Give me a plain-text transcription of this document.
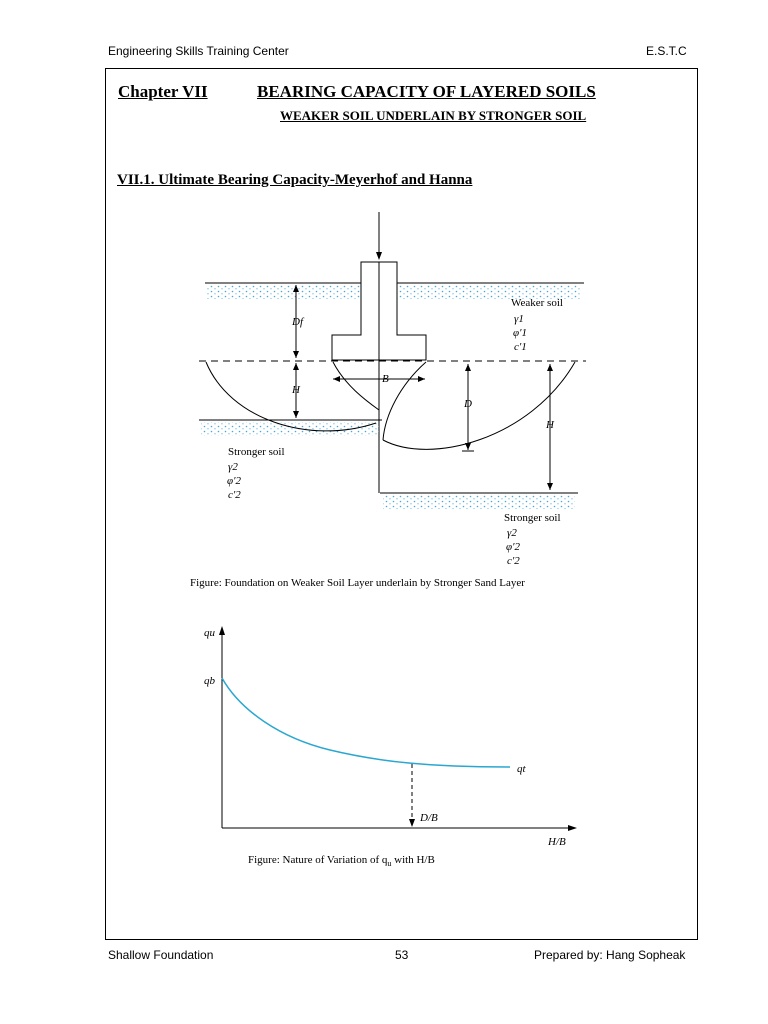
Engineering Skills Training Center	E.S.T.C
Chapter VII	BEARING CAPACITY OF LAYERED SOILS
WEAKER SOIL UNDERLAIN BY STRONGER SOIL
VII.1. Ultimate Bearing Capacity-Meyerhof and Hanna
Weaker soil
γ1
φ′1
c′1
Df
H
B
D
H
Stronger soil
γ2
φ′2
c′2
Stronger soil
γ2
φ′2
c′2
Figure: Foundation on Weaker Soil Layer underlain by Stronger Sand Layer
qu
qb
qt
D/B
H/B
Figure: Nature of Variation of $q_u$ with H/B
Shallow Foundation	53	Prepared by: Hang Sopheak
